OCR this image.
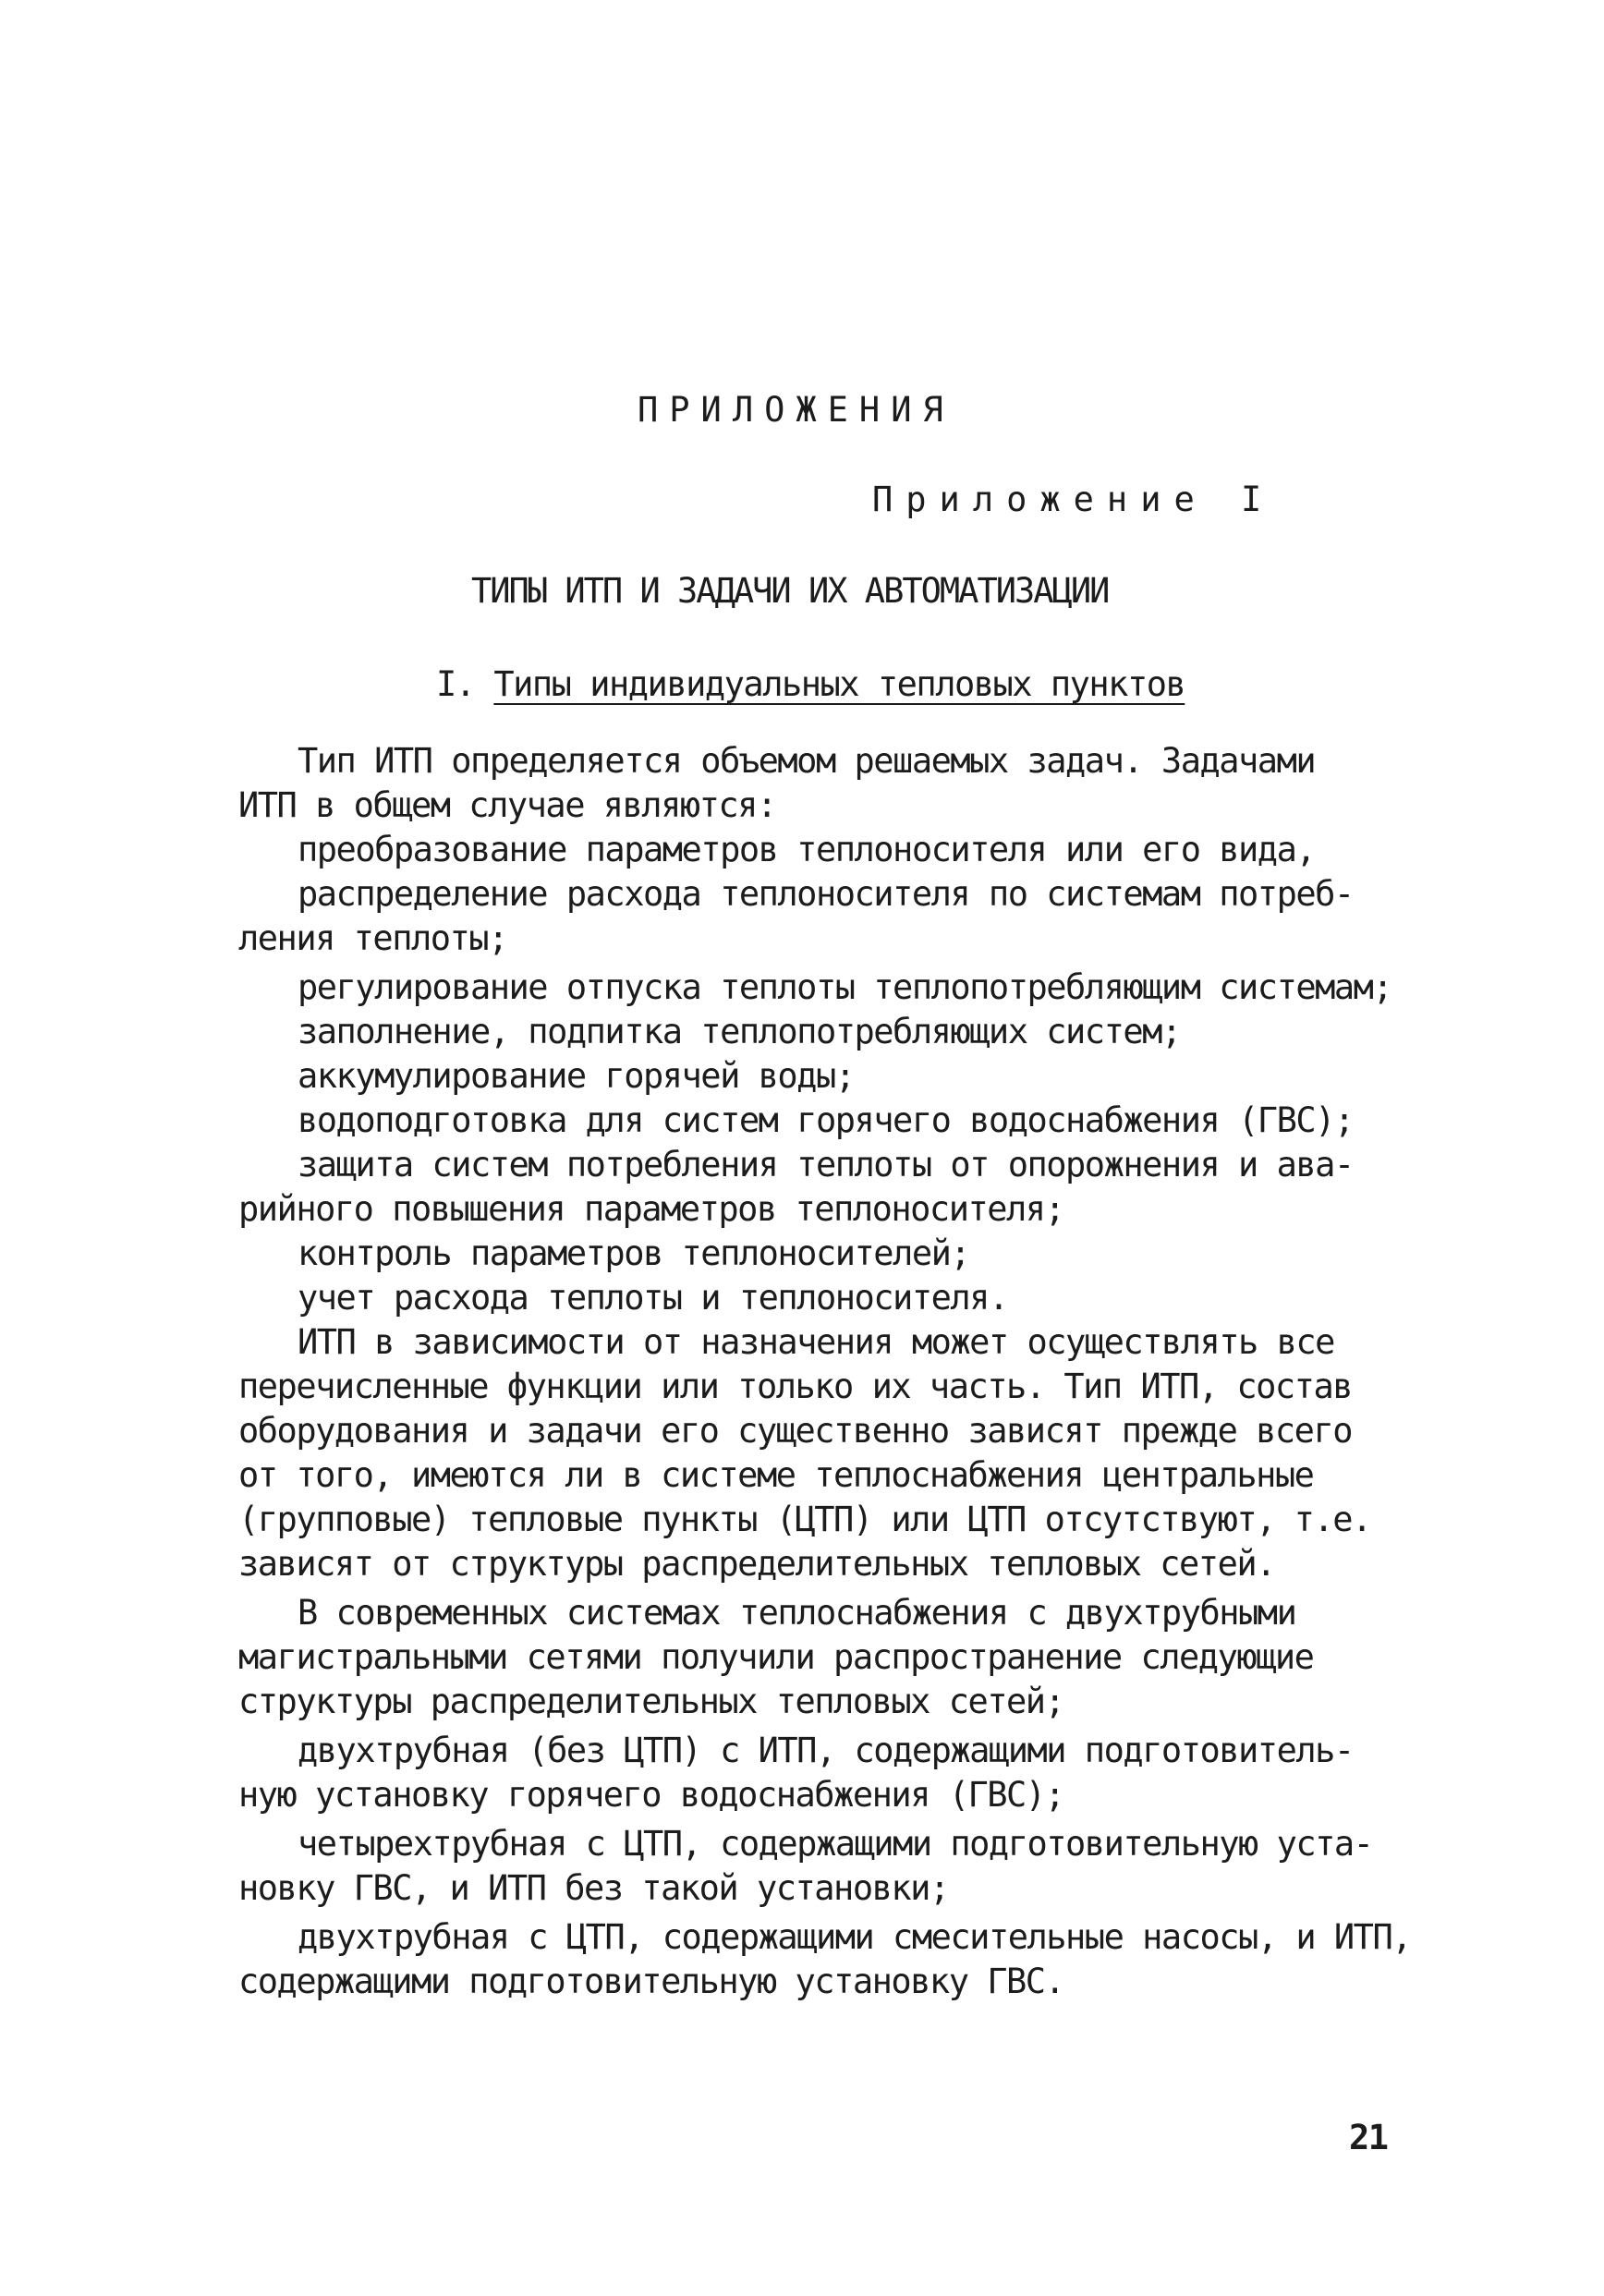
ПРИЛОЖЕНИЯ
Приложение I
ТИПЫ ИТП И ЗАДАЧИ ИХ АВТОМАТИЗАЦИИ
I. Типы индивидуальных тепловых пунктов
Тип ИТП определяется объемом решаемых задач. Задачами
ИТП в общем случае являются:
преобразование параметров теплоносителя или его вида,
распределение расхода теплоносителя по системам потреб-
ления теплоты;
регулирование отпуска теплоты теплопотребляющим системам;
заполнение, подпитка теплопотребляющих систем;
аккумулирование горячей воды;
водоподготовка для систем горячего водоснабжения (ГВС);
защита систем потребления теплоты от опорожнения и ава-
рийного повышения параметров теплоносителя;
контроль параметров теплоносителей;
учет расхода теплоты и теплоносителя.
ИТП в зависимости от назначения может осуществлять все
перечисленные функции или только их часть. Тип ИТП, состав
оборудования и задачи его существенно зависят прежде всего
от того, имеются ли в системе теплоснабжения центральные
(групповые) тепловые пункты (ЦТП) или ЦТП отсутствуют, т.е.
зависят от структуры распределительных тепловых сетей.
В современных системах теплоснабжения с двухтрубными
магистральными сетями получили распространение следующие
структуры распределительных тепловых сетей;
двухтрубная (без ЦТП) с ИТП, содержащими подготовитель-
ную установку горячего водоснабжения (ГВС);
четырехтрубная с ЦТП, содержащими подготовительную уста-
новку ГВС, и ИТП без такой установки;
двухтрубная с ЦТП, содержащими смесительные насосы, и ИТП,
содержащими подготовительную установку ГВС.
21
